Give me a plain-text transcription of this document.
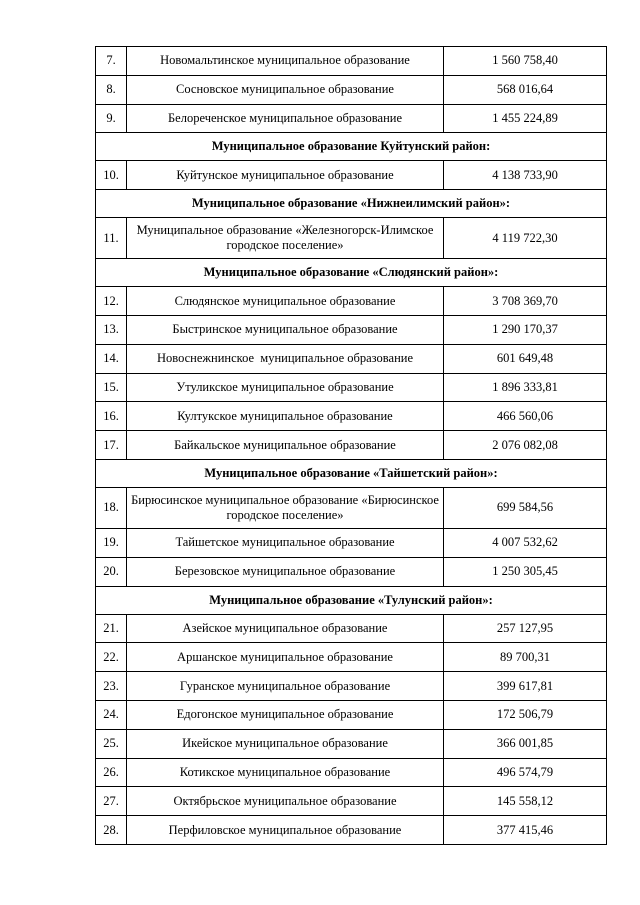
7.	Новомальтинское муниципальное образование	1 560 758,40
8.	Сосновское муниципальное образование	568 016,64
9.	Белореченское муниципальное образование	1 455 224,89
Муниципальное образование Куйтунский район:		
10.	Куйтунское муниципальное образование	4 138 733,90
Муниципальное образование «Нижнеилимский район»:		
11.	Муниципальное образование «Железногорск-Илимское городское поселение»	4 119 722,30
Муниципальное образование «Слюдянский район»:		
12.	Слюдянское муниципальное образование	3 708 369,70
13.	Быстринское муниципальное образование	1 290 170,37
14.	Новоснежнинское  муниципальное образование	601 649,48
15.	Утуликское муниципальное образование	1 896 333,81
16.	Култукское муниципальное образование	466 560,06
17.	Байкальское муниципальное образование	2 076 082,08
Муниципальное образование «Тайшетский район»:		
18.	Бирюсинское муниципальное образование «Бирюсинское городское поселение»	699 584,56
19.	Тайшетское муниципальное образование	4 007 532,62
20.	Березовское муниципальное образование	1 250 305,45
Муниципальное образование «Тулунский район»:		
21.	Азейское муниципальное образование	257 127,95
22.	Аршанское муниципальное образование	89 700,31
23.	Гуранское муниципальное образование	399 617,81
24.	Едогонское муниципальное образование	172 506,79
25.	Икейское муниципальное образование	366 001,85
26.	Котикское муниципальное образование	496 574,79
27.	Октябрьское муниципальное образование	145 558,12
28.	Перфиловское муниципальное образование	377 415,46
